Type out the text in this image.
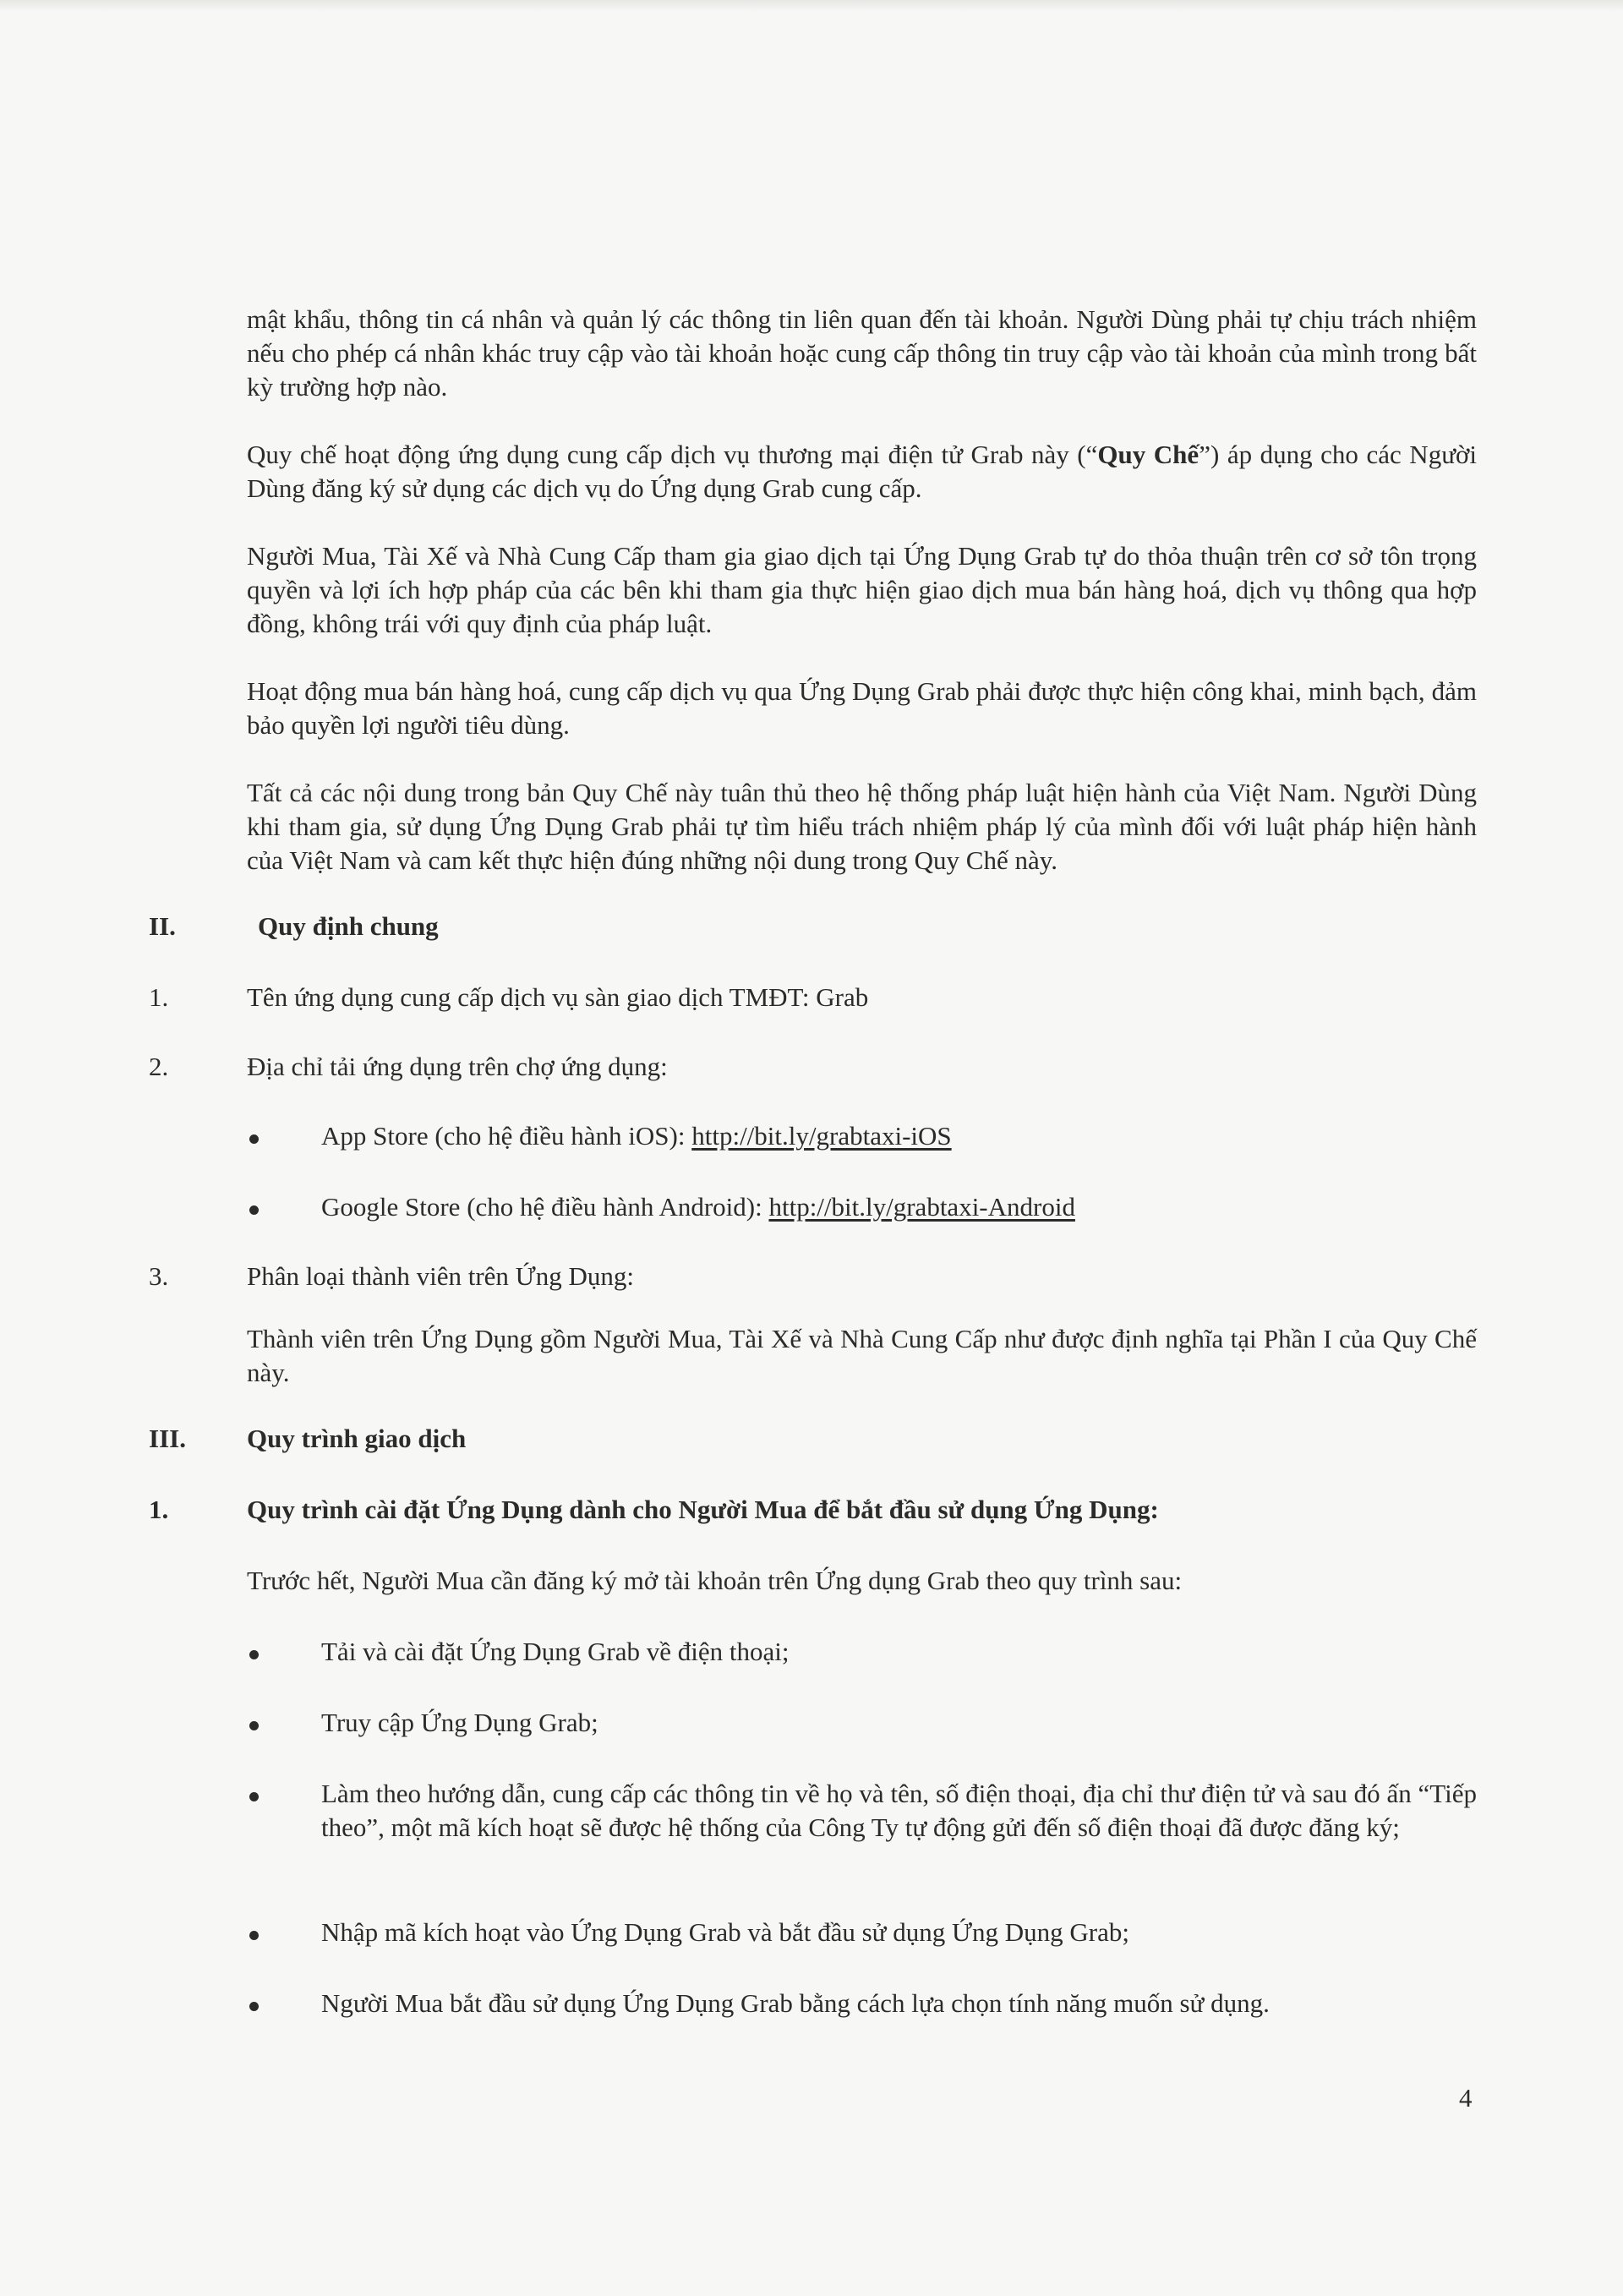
mật khẩu, thông tin cá nhân và quản lý các thông tin liên quan đến tài khoản. Người Dùng phải tự chịu trách nhiệm nếu cho phép cá nhân khác truy cập vào tài khoản hoặc cung cấp thông tin truy cập vào tài khoản của mình trong bất kỳ trường hợp nào.

Quy chế hoạt động ứng dụng cung cấp dịch vụ thương mại điện tử Grab này (“Quy Chế”) áp dụng cho các Người Dùng đăng ký sử dụng các dịch vụ do Ứng dụng Grab cung cấp.

Người Mua, Tài Xế và Nhà Cung Cấp tham gia giao dịch tại Ứng Dụng Grab tự do thỏa thuận trên cơ sở tôn trọng quyền và lợi ích hợp pháp của các bên khi tham gia thực hiện giao dịch mua bán hàng hoá, dịch vụ thông qua hợp đồng, không trái với quy định của pháp luật.

Hoạt động mua bán hàng hoá, cung cấp dịch vụ qua Ứng Dụng Grab phải được thực hiện công khai, minh bạch, đảm bảo quyền lợi người tiêu dùng.

Tất cả các nội dung trong bản Quy Chế này tuân thủ theo hệ thống pháp luật hiện hành của Việt Nam. Người Dùng khi tham gia, sử dụng Ứng Dụng Grab phải tự tìm hiểu trách nhiệm pháp lý của mình đối với luật pháp hiện hành của Việt Nam và cam kết thực hiện đúng những nội dung trong Quy Chế này.

II.	Quy định chung

1.	Tên ứng dụng cung cấp dịch vụ sàn giao dịch TMĐT: Grab

2.	Địa chỉ tải ứng dụng trên chợ ứng dụng:

App Store (cho hệ điều hành iOS): http://bit.ly/grabtaxi-iOS

Google Store (cho hệ điều hành Android): http://bit.ly/grabtaxi-Android

3.	Phân loại thành viên trên Ứng Dụng:

Thành viên trên Ứng Dụng gồm Người Mua, Tài Xế và Nhà Cung Cấp như được định nghĩa tại Phần I của Quy Chế này.

III. Quy trình giao dịch

1.	Quy trình cài đặt Ứng Dụng dành cho Người Mua để bắt đầu sử dụng Ứng Dụng:

Trước hết, Người Mua cần đăng ký mở tài khoản trên Ứng dụng Grab theo quy trình sau:

Tải và cài đặt Ứng Dụng Grab về điện thoại;

Truy cập Ứng Dụng Grab;

Làm theo hướng dẫn, cung cấp các thông tin về họ và tên, số điện thoại, địa chỉ thư điện tử và sau đó ấn “Tiếp theo”, một mã kích hoạt sẽ được hệ thống của Công Ty tự động gửi đến số điện thoại đã được đăng ký;

Nhập mã kích hoạt vào Ứng Dụng Grab và bắt đầu sử dụng Ứng Dụng Grab;

Người Mua bắt đầu sử dụng Ứng Dụng Grab bằng cách lựa chọn tính năng muốn sử dụng.

4
